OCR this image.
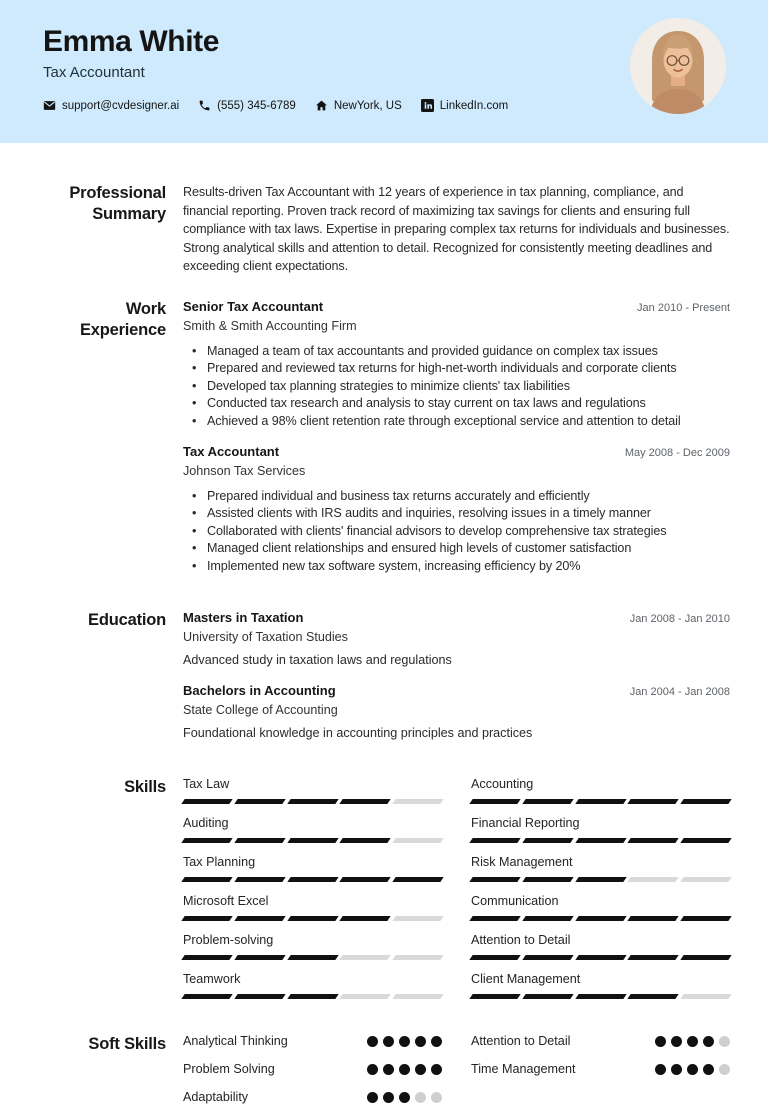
Emma White
Tax Accountant
support@cvdesigner.ai	(555) 345-6789	NewYork, US	LinkedIn.com
Professional Summary

Results-driven Tax Accountant with 12 years of experience in tax planning, compliance, and financial reporting. Proven track record of maximizing tax savings for clients and ensuring full compliance with tax laws. Expertise in preparing complex tax returns for individuals and businesses. Strong analytical skills and attention to detail. Recognized for consistently meeting deadlines and exceeding client expectations.

Work Experience
Senior Tax Accountant	Jan 2010 - Present
Smith & Smith Accounting Firm
• Managed a team of tax accountants and provided guidance on complex tax issues
• Prepared and reviewed tax returns for high-net-worth individuals and corporate clients
• Developed tax planning strategies to minimize clients' tax liabilities
• Conducted tax research and analysis to stay current on tax laws and regulations
• Achieved a 98% client retention rate through exceptional service and attention to detail
Tax Accountant	May 2008 - Dec 2009
Johnson Tax Services
• Prepared individual and business tax returns accurately and efficiently
• Assisted clients with IRS audits and inquiries, resolving issues in a timely manner
• Collaborated with clients' financial advisors to develop comprehensive tax strategies
• Managed client relationships and ensured high levels of customer satisfaction
• Implemented new tax software system, increasing efficiency by 20%
Education Masters in Taxation	Jan 2008 - Jan 2010
University of Taxation Studies
Advanced study in taxation laws and regulations
Bachelors in Accounting	Jan 2004 - Jan 2008
State College of Accounting
Foundational knowledge in accounting principles and practices
Skills Tax Law
Auditing
Tax Planning
Microsoft Excel
Problem-solving
Teamwork
Accounting
Financial Reporting
Risk Management
Communication
Attention to Detail
Client Management
Soft Skills Analytical Thinking
Problem Solving
Adaptability
Attention to Detail
Time Management
